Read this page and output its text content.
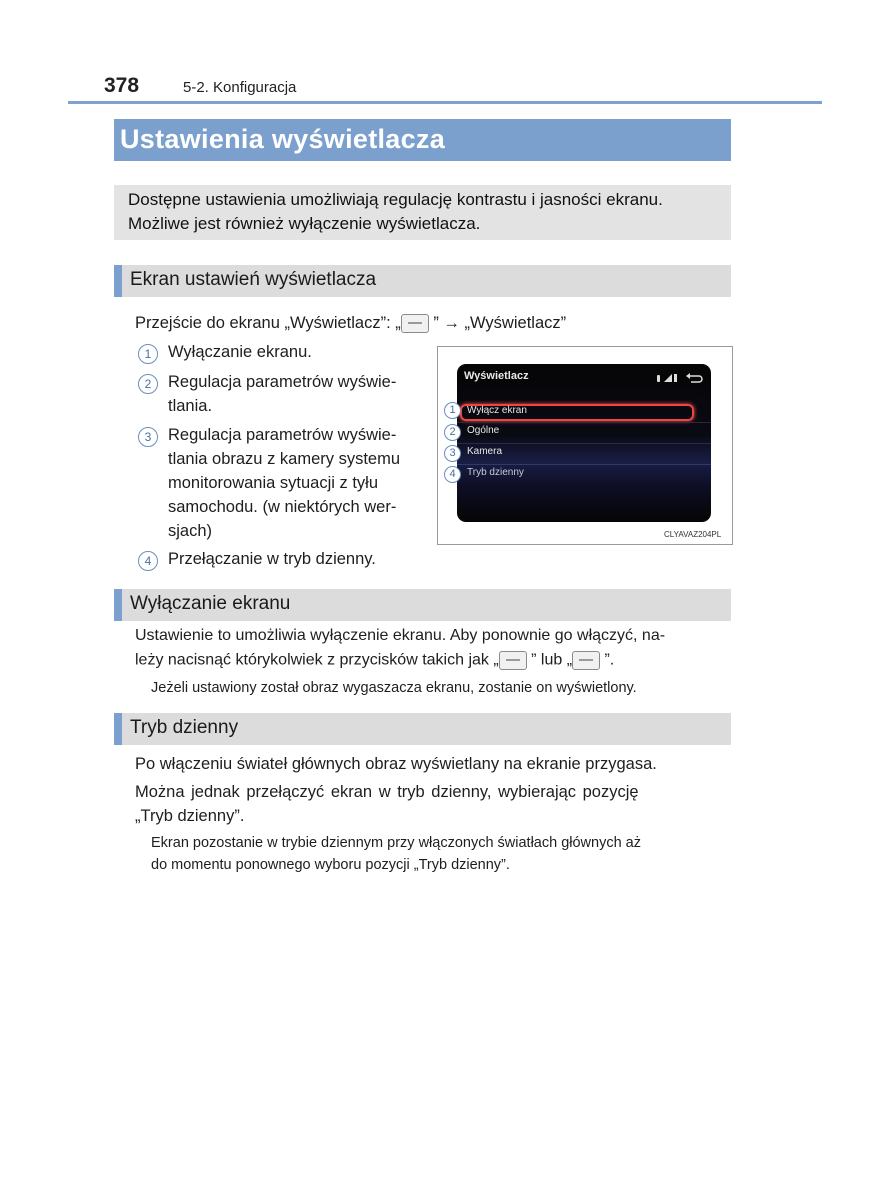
378	5-2. Konfiguracja
Ustawienia wyświetlacza
Dostępne ustawienia umożliwiają regulację kontrastu i jasności ekranu.
Możliwe jest również wyłączenie wyświetlacza.
Ekran ustawień wyświetlacza
Przejście do ekranu „Wyświetlacz”: „
” → „Wyświetlacz”
1	Wyłączanie ekranu.
2	Regulacja parametrów wyświe-
tlania.
3	Regulacja parametrów wyświe-
tlania obrazu z kamery systemu
monitorowania sytuacji z tyłu
samochodu. (w niektórych wer-
sjach)
4	Przełączanie w tryb dzienny.
Wyświetlacz
Wyłącz ekran
Ogólne
Kamera
Tryb dzienny
1
2
3
4
CLYAVAZ204PL
Wyłączanie ekranu
Ustawienie to umożliwia wyłączenie ekranu. Aby ponownie go włączyć, na-
leży nacisnąć którykolwiek z przycisków takich jak „
” lub „
”.
Jeżeli ustawiony został obraz wygaszacza ekranu, zostanie on wyświetlony.
Tryb dzienny
Po włączeniu świateł głównych obraz wyświetlany na ekranie przygasa.
Można jednak przełączyć ekran w tryb dzienny, wybierając pozycję
„Tryb dzienny”.
Ekran pozostanie w trybie dziennym przy włączonych światłach głównych aż
do momentu ponownego wyboru pozycji „Tryb dzienny”.
